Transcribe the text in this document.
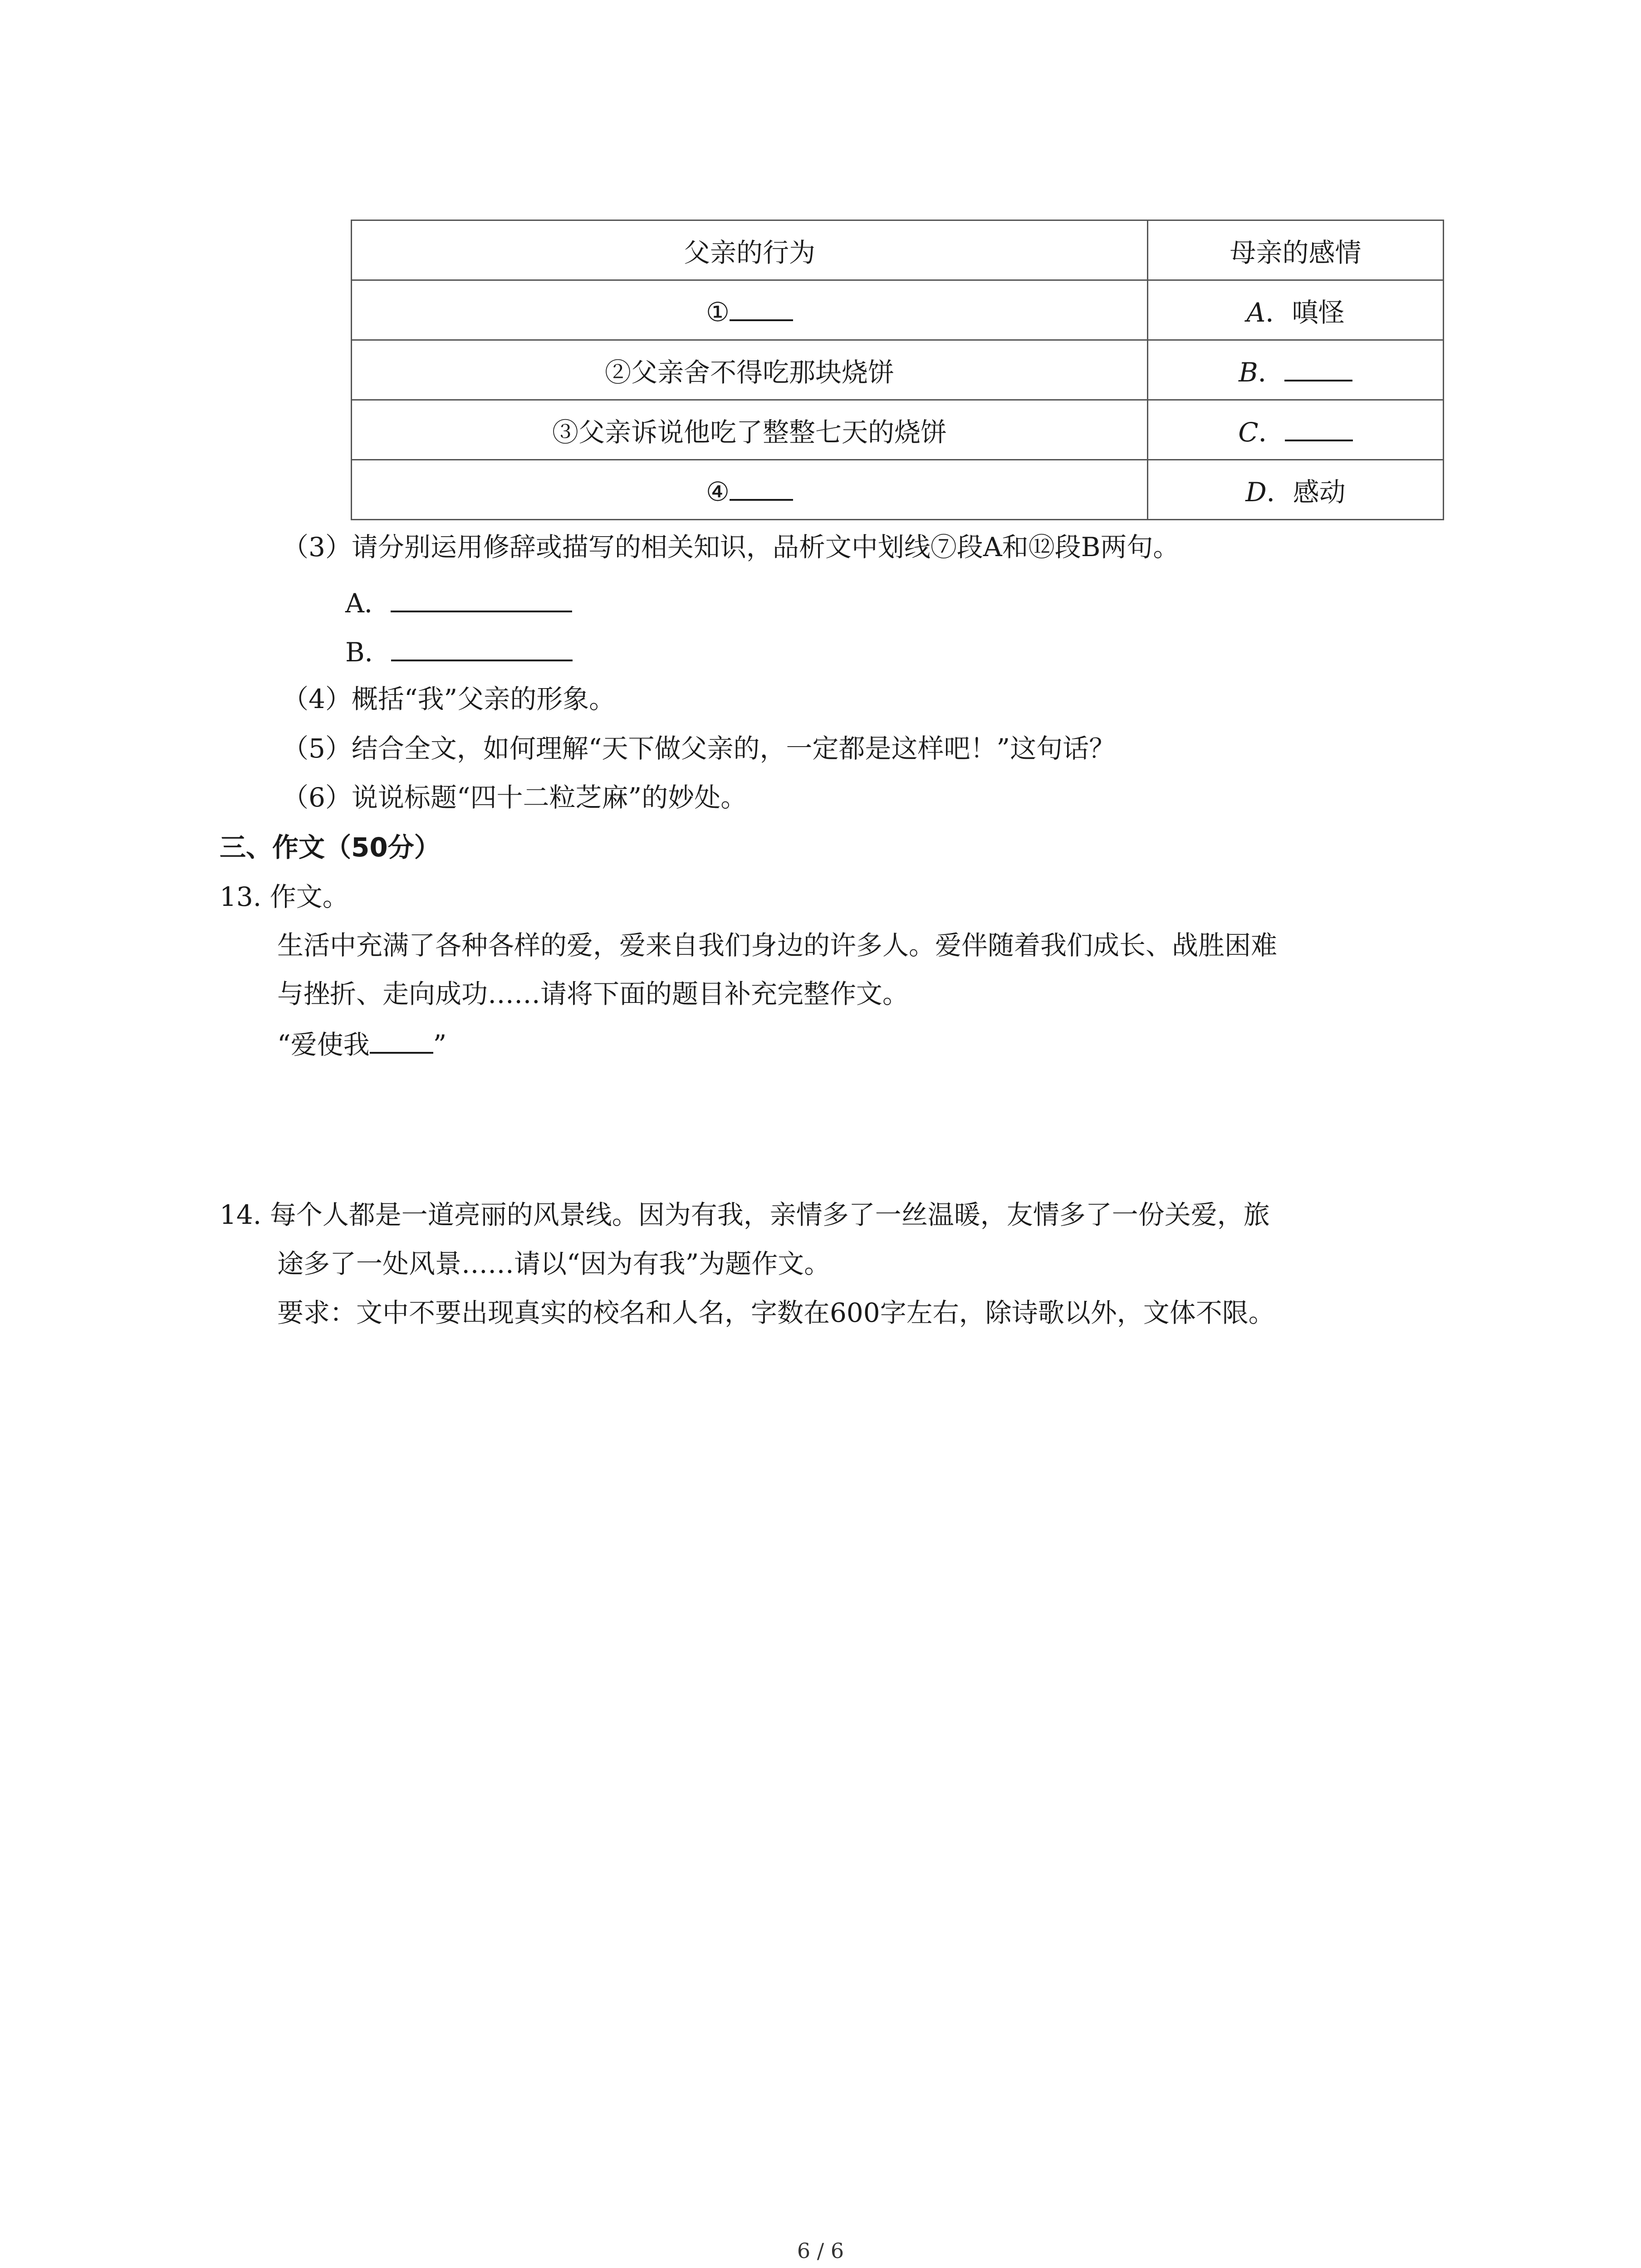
父亲的行为	母亲的感情
①	A．嗔怪
②父亲舍不得吃那块烧饼	B．
③父亲诉说他吃了整整七天的烧饼	C．
④	D．感动
（3）请分别运用修辞或描写的相关知识，品析文中划线⑦段A和⑫段B两句。
A．
B．
（4）概括“我”父亲的形象。
（5）结合全文，如何理解“天下做父亲的，一定都是这样吧！”这句话？
（6）说说标题“四十二粒芝麻”的妙处。
三、作文（50分）
13. 作文。
生活中充满了各种各样的爱，爱来自我们身边的许多人。爱伴随着我们成长、战胜困难
与挫折、走向成功……请将下面的题目补充完整作文。
“爱使我 ”
14. 每个人都是一道亮丽的风景线。因为有我，亲情多了一丝温暖，友情多了一份关爱，旅
途多了一处风景……请以“因为有我”为题作文。
要求：文中不要出现真实的校名和人名，字数在600字左右，除诗歌以外，文体不限。
6 / 6
